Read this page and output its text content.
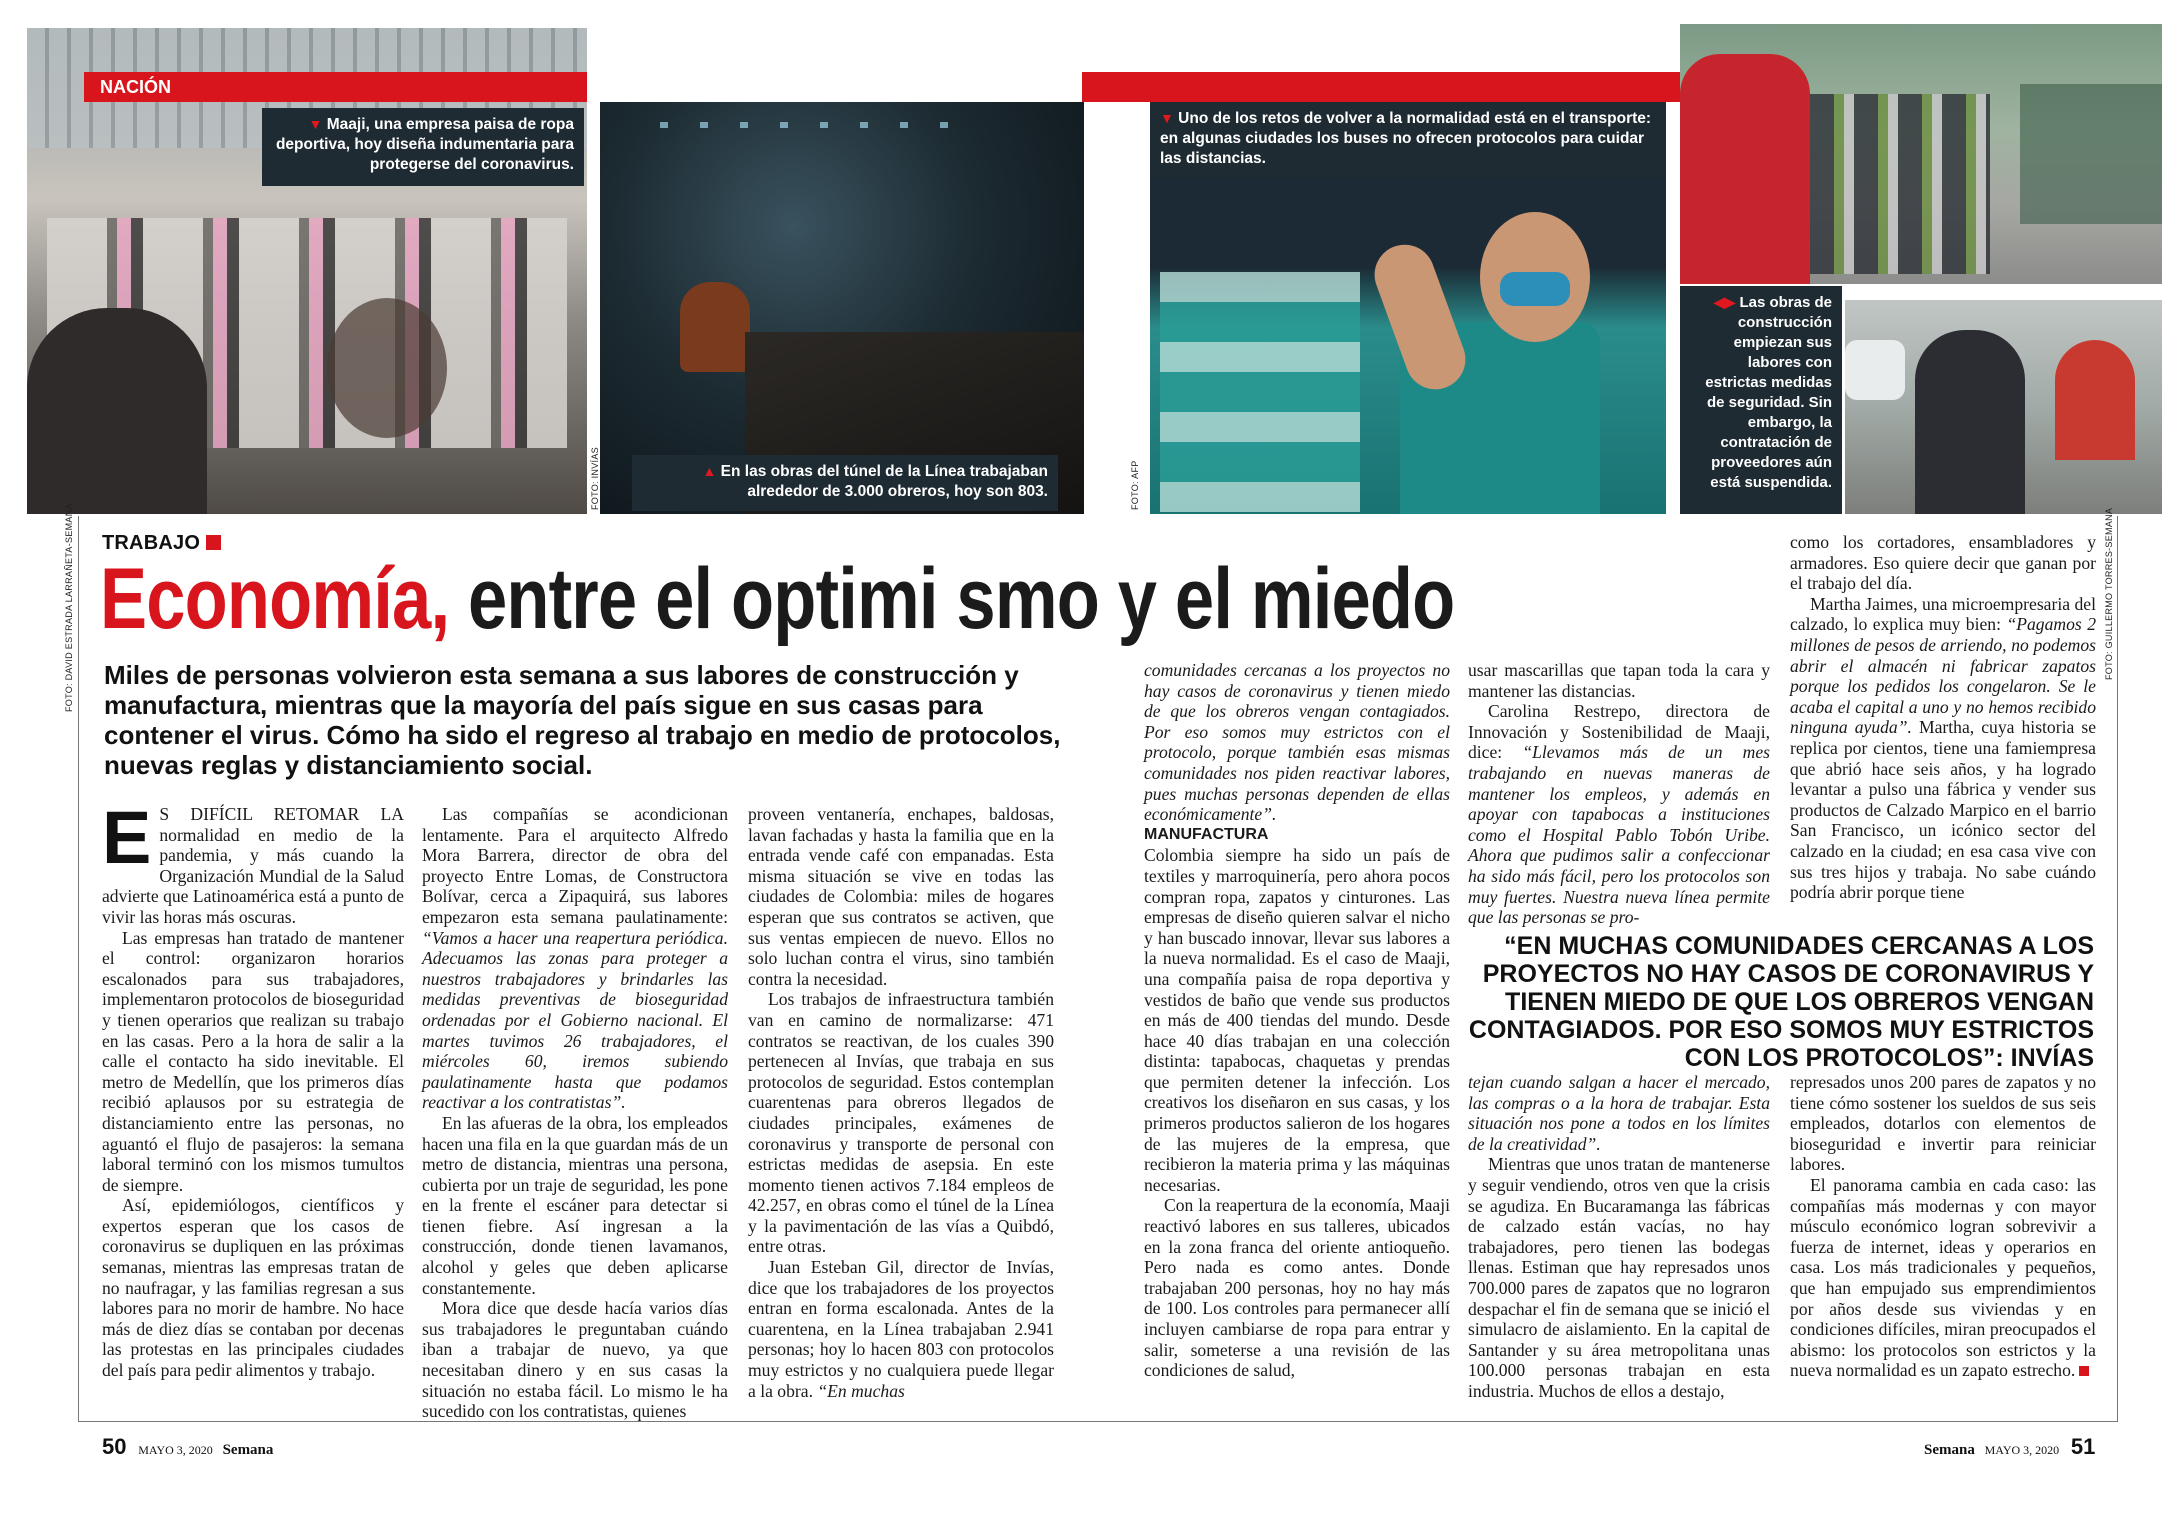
NACIÓN
▼ Maaji, una empresa paisa de ropa deportiva, hoy diseña indumentaria para protegerse del coronavirus.
▲ En las obras del túnel de la Línea trabajaban alrededor de 3.000 obreros, hoy son 803.
▼ Uno de los retos de volver a la normalidad está en el transporte: en algunas ciudades los buses no ofrecen protocolos para cuidar las distancias.
◀▶ Las obras de construcción empiezan sus labores con estrictas medidas de seguridad. Sin embargo, la contratación de proveedores aún está suspendida.
FOTO: DAVID ESTRADA LARRAÑETA-SEMANA
FOTO: INVÍAS	FOTO: AFP
FOTO: GUILLERMO TORRES-SEMANA
TRABAJO
Economía, entre el optimi smo y el miedo
Miles de personas volvieron esta semana a sus labores de construcción y manufactura, mientras que la mayoría del país sigue en sus casas para contener el virus. Cómo ha sido el regreso al trabajo en medio de protocolos, nuevas reglas y distanciamiento social.

E S DIFÍCIL RETOMAR LA normalidad en medio de la pandemia, y más cuando la Organización Mundial de la Salud advierte que Latinoamérica está a punto de vivir las horas más oscuras.

Las empresas han tratado de mantener el control: organizaron horarios escalonados para sus trabajadores, implementaron protocolos de bioseguridad y tienen operarios que realizan su trabajo en las casas. Pero a la hora de salir a la calle el contacto ha sido inevitable. El metro de Medellín, que los primeros días recibió aplausos por su estrategia de distanciamiento entre las personas, no aguantó el flujo de pasajeros: la semana laboral terminó con los mismos tumultos de siempre.

Así, epidemiólogos, científicos y expertos esperan que los casos de coronavirus se dupliquen en las próximas semanas, mientras las empresas tratan de no naufragar, y las familias regresan a sus labores para no morir de hambre. No hace más de diez días se contaban por decenas las protestas en las principales ciudades del país para pedir alimentos y trabajo.

Las compañías se acondicionan lentamente. Para el arquitecto Alfredo Mora Barrera, director de obra del proyecto Entre Lomas, de Constructora Bolívar, cerca a Zipaquirá, sus labores empezaron esta semana paulatinamente: “Vamos a hacer una reapertura periódica. Adecuamos las zonas para proteger a nuestros trabajadores y brindarles las medidas preventivas de bioseguridad ordenadas por el Gobierno nacional. El martes tuvimos 26 trabajadores, el miércoles 60, iremos subiendo paulatinamente hasta que podamos reactivar a los contratistas”.

En las afueras de la obra, los empleados hacen una fila en la que guardan más de un metro de distancia, mientras una persona, cubierta por un traje de seguridad, les pone en la frente el escáner para detectar si tienen fiebre. Así ingresan a la construcción, donde tienen lavamanos, alcohol y geles que deben aplicarse constantemente.

Mora dice que desde hacía varios días sus trabajadores le preguntaban cuándo iban a trabajar de nuevo, ya que necesitaban dinero y en sus casas la situación no estaba fácil. Lo mismo le ha sucedido con los contratistas, quienes

proveen ventanería, enchapes, baldosas, lavan fachadas y hasta la familia que en la entrada vende café con empanadas. Esta misma situación se vive en todas las ciudades de Colombia: miles de hogares esperan que sus contratos se activen, que sus ventas empiecen de nuevo. Ellos no solo luchan contra el virus, sino también contra la necesidad.

Los trabajos de infraestructura también van en camino de normalizarse: 471 contratos se reactivan, de los cuales 390 pertenecen al Invías, que trabaja en sus protocolos de seguridad. Estos contemplan cuarentenas para obreros llegados de ciudades principales, exámenes de coronavirus y transporte de personal con estrictas medidas de asepsia. En este momento tienen activos 7.184 empleos de 42.257, en obras como el túnel de la Línea y la pavimentación de las vías a Quibdó, entre otras.

Juan Esteban Gil, director de Invías, dice que los trabajadores de los proyectos entran en forma escalonada. Antes de la cuarentena, en la Línea trabajaban 2.941 personas; hoy lo hacen 803 con protocolos muy estrictos y no cualquiera puede llegar a la obra. “En muchas

comunidades cercanas a los proyectos no hay casos de coronavirus y tienen miedo de que los obreros vengan contagiados. Por eso somos muy estrictos con el protocolo, porque también esas mismas comunidades nos piden reactivar labores, pues muchas personas dependen de ellas económicamente”.

MANUFACTURA

Colombia siempre ha sido un país de textiles y marroquinería, pero ahora pocos compran ropa, zapatos y cinturones. Las empresas de diseño quieren salvar el nicho y han buscado innovar, llevar sus labores a la nueva normalidad. Es el caso de Maaji, una compañía paisa de ropa deportiva y vestidos de baño que vende sus productos en más de 400 tiendas del mundo. Desde hace 40 días trabajan en una colección distinta: tapabocas, chaquetas y prendas que permiten detener la infección. Los creativos los diseñaron en sus casas, y los primeros productos salieron de los hogares de las mujeres de la empresa, que recibieron la materia prima y las máquinas necesarias.

Con la reapertura de la economía, Maaji reactivó labores en sus talleres, ubicados en la zona franca del oriente antioqueño. Pero nada es como antes. Donde trabajaban 200 personas, hoy no hay más de 100. Los controles para permanecer allí incluyen cambiarse de ropa para entrar y salir, someterse a una revisión de las condiciones de salud,

usar mascarillas que tapan toda la cara y mantener las distancias.

Carolina Restrepo, directora de Innovación y Sostenibilidad de Maaji, dice: “Llevamos más de un mes trabajando en nuevas maneras de mantener los empleos, y además en apoyar con tapabocas a instituciones como el Hospital Pablo Tobón Uribe. Ahora que pudimos salir a confeccionar ha sido más fácil, pero los protocolos son muy fuertes. Nuestra nueva línea permite que las personas se pro-

como los cortadores, ensambladores y armadores. Eso quiere decir que ganan por el trabajo del día.

Martha Jaimes, una microempresaria del calzado, lo explica muy bien: “Pagamos 2 millones de pesos de arriendo, no podemos abrir el almacén ni fabricar zapatos porque los pedidos los congelaron. Se le acaba el capital a uno y no hemos recibido ninguna ayuda”. Martha, cuya historia se replica por cientos, tiene una famiempresa que abrió hace seis años, y ha logrado levantar a pulso una fábrica y vender sus productos de Calzado Marpico en el barrio San Francisco, un icónico sector del calzado en la ciudad; en esa casa vive con sus tres hijos y trabaja. No sabe cuándo podría abrir porque tiene

“EN MUCHAS COMUNIDADES CERCANAS A LOS PROYECTOS NO HAY CASOS DE CORONAVIRUS Y TIENEN MIEDO DE QUE LOS OBREROS VENGAN CONTAGIADOS. POR ESO SOMOS MUY ESTRICTOS CON LOS PROTOCOLOS”: INVÍAS

tejan cuando salgan a hacer el mercado, las compras o a la hora de trabajar. Esta situación nos pone a todos en los límites de la creatividad”.

Mientras que unos tratan de mantenerse y seguir vendiendo, otros ven que la crisis se agudiza. En Bucaramanga las fábricas de calzado están vacías, no hay trabajadores, pero tienen las bodegas llenas. Estiman que hay represados unos 700.000 pares de zapatos que no lograron despachar el fin de semana que se inició el simulacro de aislamiento. En la capital de Santander y su área metropolitana unas 100.000 personas trabajan en esta industria. Muchos de ellos a destajo,

represados unos 200 pares de zapatos y no tiene cómo sostener los sueldos de sus seis empleados, dotarlos con elementos de bioseguridad e invertir para reiniciar labores.

El panorama cambia en cada caso: las compañías más modernas y con mayor músculo económico logran sobrevivir a fuerza de internet, ideas y operarios en casa. Los más tradicionales y pequeños, que han empujado sus emprendimientos por años desde sus viviendas y en condiciones difíciles, miran preocupados el abismo: los protocolos son estrictos y la nueva normalidad es un zapato estrecho.

50 MAYO 3, 2020 Semana	Semana MAYO 3, 2020 51
